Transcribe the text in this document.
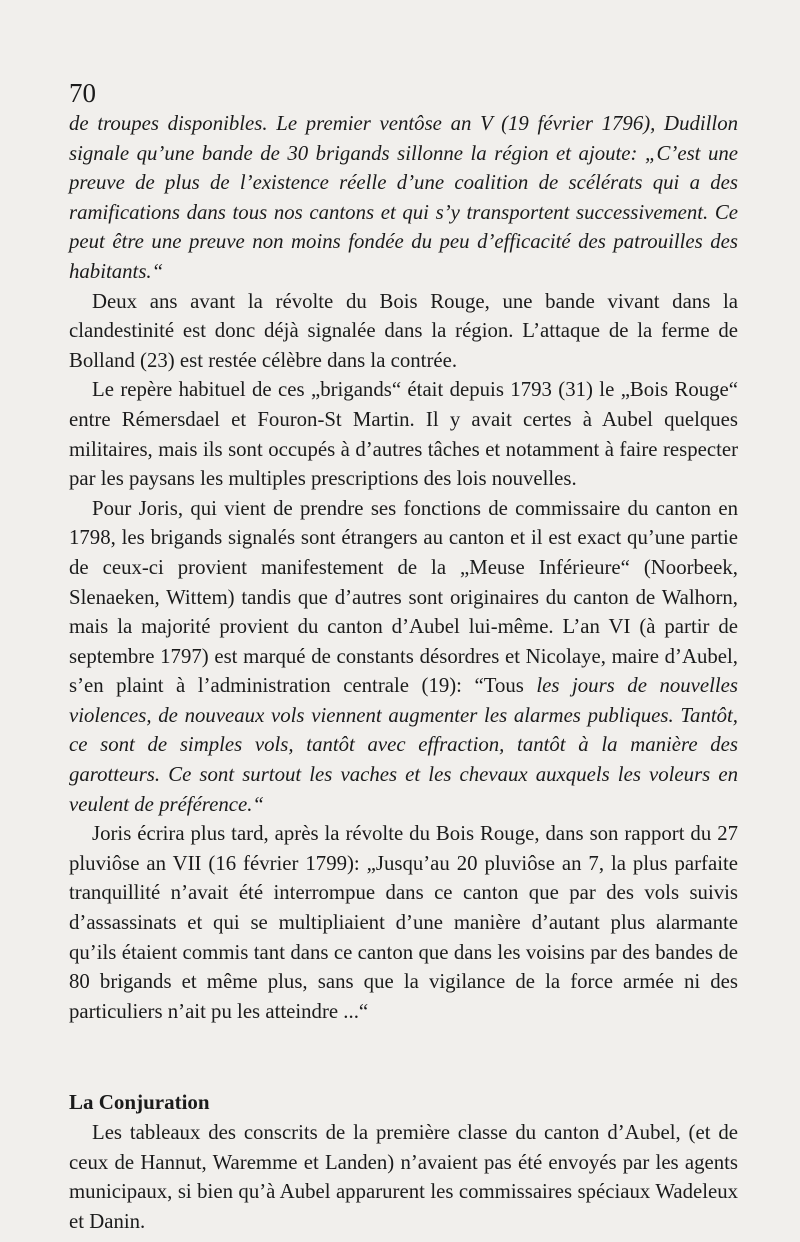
70

de troupes disponibles. Le premier ventôse an V (19 février 1796), Dudillon signale qu’une bande de 30 brigands sillonne la région et ajoute: „C’est une preuve de plus de l’existence réelle d’une coalition de scélérats qui a des ramifications dans tous nos cantons et qui s’y transportent successivement. Ce peut être une preuve non moins fondée du peu d’efficacité des patrouilles des habitants.“

Deux ans avant la révolte du Bois Rouge, une bande vivant dans la clandestinité est donc déjà signalée dans la région. L’attaque de la ferme de Bolland (23) est restée célèbre dans la contrée.

Le repère habituel de ces „brigands“ était depuis 1793 (31) le „Bois Rouge“ entre Rémersdael et Fouron-St Martin. Il y avait certes à Aubel quelques militaires, mais ils sont occupés à d’autres tâches et notamment à faire respecter par les paysans les multiples prescriptions des lois nouvelles.

Pour Joris, qui vient de prendre ses fonctions de commissaire du canton en 1798, les brigands signalés sont étrangers au canton et il est exact qu’une partie de ceux-ci provient manifestement de la „Meuse Inférieure“ (Noorbeek, Slenaeken, Wittem) tandis que d’autres sont originaires du canton de Walhorn, mais la majorité provient du canton d’Aubel lui-même. L’an VI (à partir de septembre 1797) est marqué de constants désordres et Nicolaye, maire d’Aubel, s’en plaint à l’administration centrale (19): “Tous les jours de nouvelles violences, de nouveaux vols viennent augmenter les alarmes publiques. Tantôt, ce sont de simples vols, tantôt avec effraction, tantôt à la manière des garotteurs. Ce sont surtout les vaches et les chevaux auxquels les voleurs en veulent de préférence.“

Joris écrira plus tard, après la révolte du Bois Rouge, dans son rapport du 27 pluviôse an VII (16 février 1799): „Jusqu’au 20 pluviôse an 7, la plus parfaite tranquillité n’avait été interrompue dans ce canton que par des vols suivis d’assassinats et qui se multipliaient d’une manière d’autant plus alarmante qu’ils étaient commis tant dans ce canton que dans les voisins par des bandes de 80 brigands et même plus, sans que la vigilance de la force armée ni des particuliers n’ait pu les atteindre ...“

La Conjuration

Les tableaux des conscrits de la première classe du canton d’Aubel, (et de ceux de Hannut, Waremme et Landen) n’avaient pas été envoyés par les agents municipaux, si bien qu’à Aubel apparurent les commissaires spéciaux Wadeleux et Danin.
